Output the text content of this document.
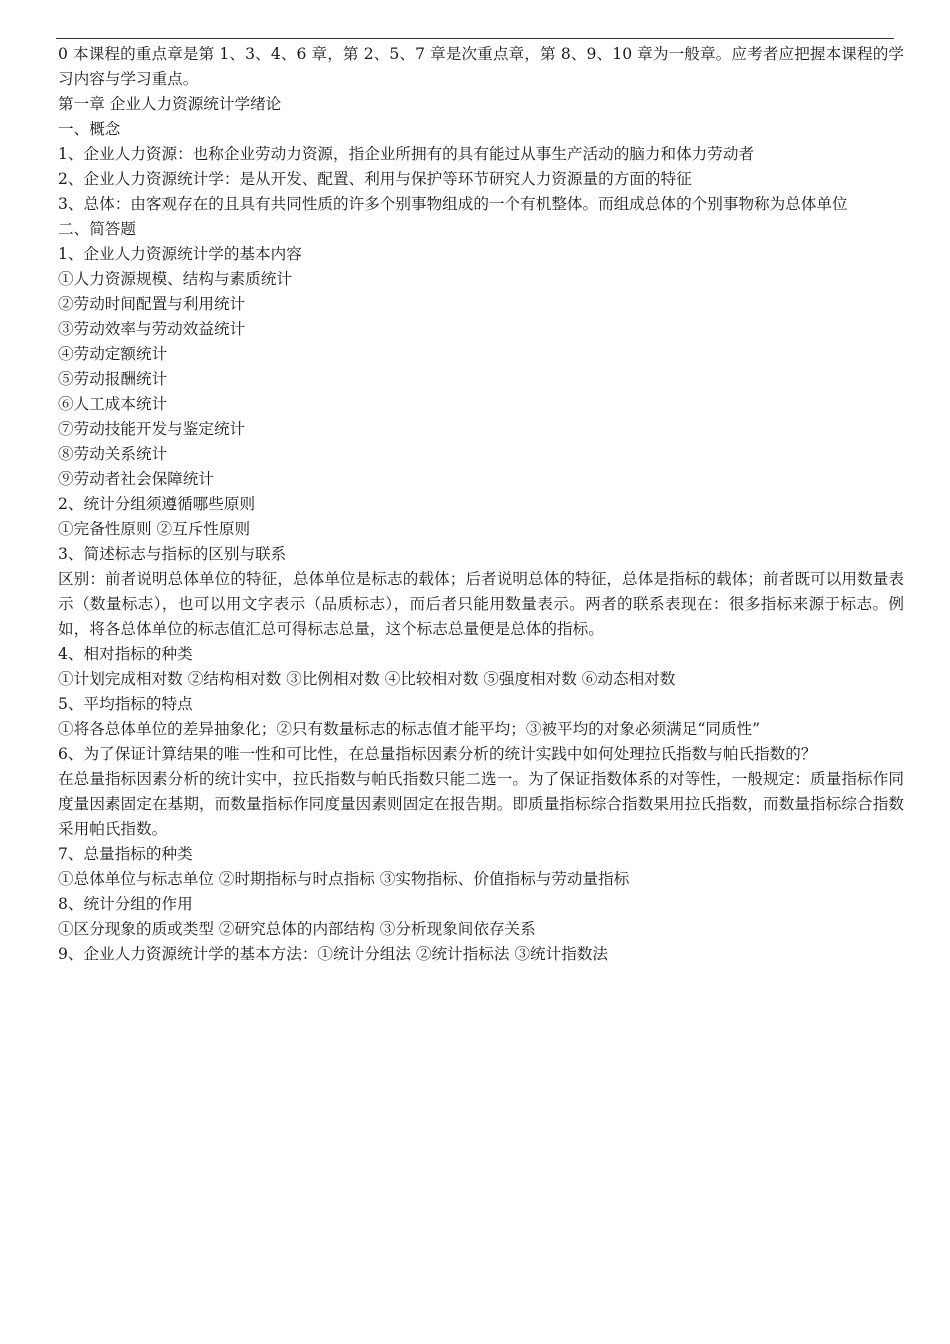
0 本课程的重点章是第 1、3、4、6 章，第 2、5、7 章是次重点章，第 8、9、10 章为一般章。应考者应把握本课程的学习内容与学习重点。

第一章 企业人力资源统计学绪论

一、概念

1、企业人力资源：也称企业劳动力资源，指企业所拥有的具有能过从事生产活动的脑力和体力劳动者

2、企业人力资源统计学：是从开发、配置、利用与保护等环节研究人力资源量的方面的特征

3、总体：由客观存在的且具有共同性质的许多个别事物组成的一个有机整体。而组成总体的个别事物称为总体单位

二、简答题

1、企业人力资源统计学的基本内容

①人力资源规模、结构与素质统计

②劳动时间配置与利用统计

③劳动效率与劳动效益统计

④劳动定额统计

⑤劳动报酬统计

⑥人工成本统计

⑦劳动技能开发与鉴定统计

⑧劳动关系统计

⑨劳动者社会保障统计

2、统计分组须遵循哪些原则

①完备性原则 ②互斥性原则

3、简述标志与指标的区别与联系

区别：前者说明总体单位的特征，总体单位是标志的载体；后者说明总体的特征，总体是指标的载体；前者既可以用数量表示（数量标志），也可以用文字表示（品质标志），而后者只能用数量表示。两者的联系表现在：很多指标来源于标志。例如，将各总体单位的标志值汇总可得标志总量，这个标志总量便是总体的指标。

4、相对指标的种类

①计划完成相对数 ②结构相对数 ③比例相对数 ④比较相对数 ⑤强度相对数 ⑥动态相对数

5、平均指标的特点

①将各总体单位的差异抽象化；②只有数量标志的标志值才能平均；③被平均的对象必须满足“同质性”

6、为了保证计算结果的唯一性和可比性，在总量指标因素分析的统计实践中如何处理拉氏指数与帕氏指数的？

在总量指标因素分析的统计实中，拉氏指数与帕氏指数只能二选一。为了保证指数体系的对等性，一般规定：质量指标作同度量因素固定在基期，而数量指标作同度量因素则固定在报告期。即质量指标综合指数果用拉氏指数，而数量指标综合指数采用帕氏指数。

7、总量指标的种类

①总体单位与标志单位 ②时期指标与时点指标 ③实物指标、价值指标与劳动量指标

8、统计分组的作用

①区分现象的质或类型 ②研究总体的内部结构 ③分析现象间依存关系

9、企业人力资源统计学的基本方法：①统计分组法 ②统计指标法 ③统计指数法
